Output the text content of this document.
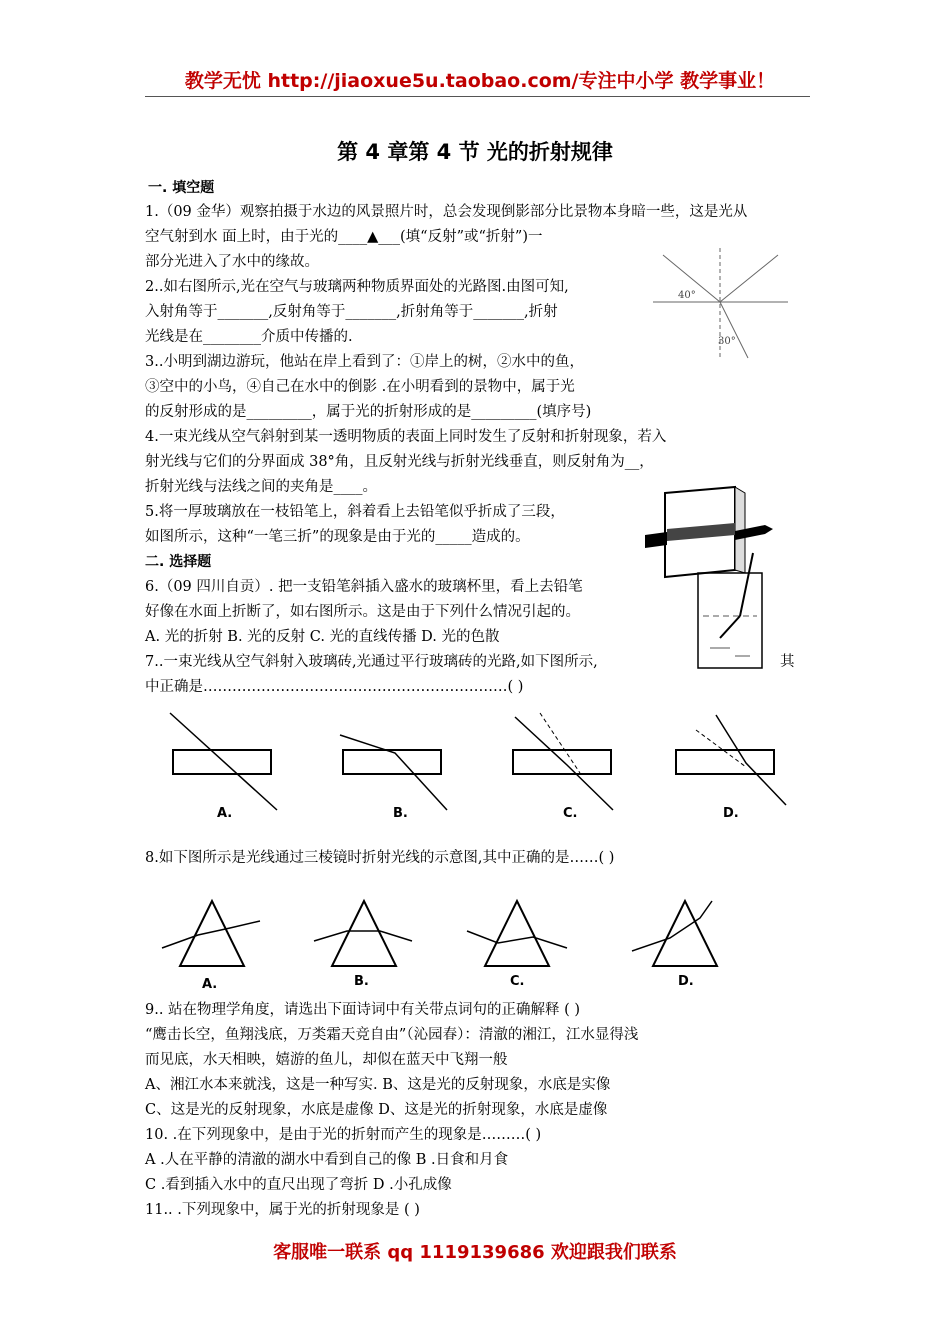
教学无忧 http://jiaoxue5u.taobao.com/专注中小学 教学事业！
第 4 章第 4 节 光的折射规律
一. 填空题
1.（09 金华）观察拍摄于水边的风景照片时，总会发现倒影部分比景物本身暗一些，这是光从
空气射到水 面上时，由于光的____▲___(填“反射”或“折射”)一
部分光进入了水中的缘故。
2..如右图所示,光在空气与玻璃两种物质界面处的光路图.由图可知,
入射角等于_______,反射角等于_______,折射角等于_______,折射
光线是在________介质中传播的.
3..小明到湖边游玩，他站在岸上看到了：①岸上的树，②水中的鱼，
③空中的小鸟，④自己在水中的倒影 .在小明看到的景物中，属于光
的反射形成的是_________，属于光的折射形成的是_________(填序号)
4.一束光线从空气斜射到某一透明物质的表面上同时发生了反射和折射现象，若入
射光线与它们的分界面成 38°角，且反射光线与折射光线垂直，则反射角为__，
折射光线与法线之间的夹角是____。
5.将一厚玻璃放在一枝铅笔上，斜着看上去铅笔似乎折成了三段，
如图所示，这种“一笔三折”的现象是由于光的_____造成的。
二. 选择题
6.（09 四川自贡）. 把一支铅笔斜插入盛水的玻璃杯里，看上去铅笔
好像在水面上折断了，如右图所示。这是由于下列什么情况引起的。
A. 光的折射 B. 光的反射 C. 光的直线传播 D. 光的色散
7..一束光线从空气斜射入玻璃砖,光通过平行玻璃砖的光路,如下图所示,	其
中正确是………………………………………………………( )
40°
30°
A.	B.	C.	D.
8.如下图所示是光线通过三棱镜时折射光线的示意图,其中正确的是……( )
A.	B.	C.	D.
9.. 站在物理学角度，请选出下面诗词中有关带点词句的正确解释 ( )
“鹰击长空，鱼翔浅底，万类霜天竞自由”（沁园春）：清澈的湘江，江水显得浅
而见底，水天相映，嬉游的鱼儿，却似在蓝天中飞翔一般
A、湘江水本来就浅，这是一种写实. B、这是光的反射现象，水底是实像
C、这是光的反射现象，水底是虚像 D、这是光的折射现象，水底是虚像
10. .在下列现象中，是由于光的折射而产生的现象是………( )
A .人在平静的清澈的湖水中看到自己的像 B .日食和月食
C .看到插入水中的直尺出现了弯折 D .小孔成像
11.. .下列现象中，属于光的折射现象是 ( )
客服唯一联系 qq 1119139686 欢迎跟我们联系
